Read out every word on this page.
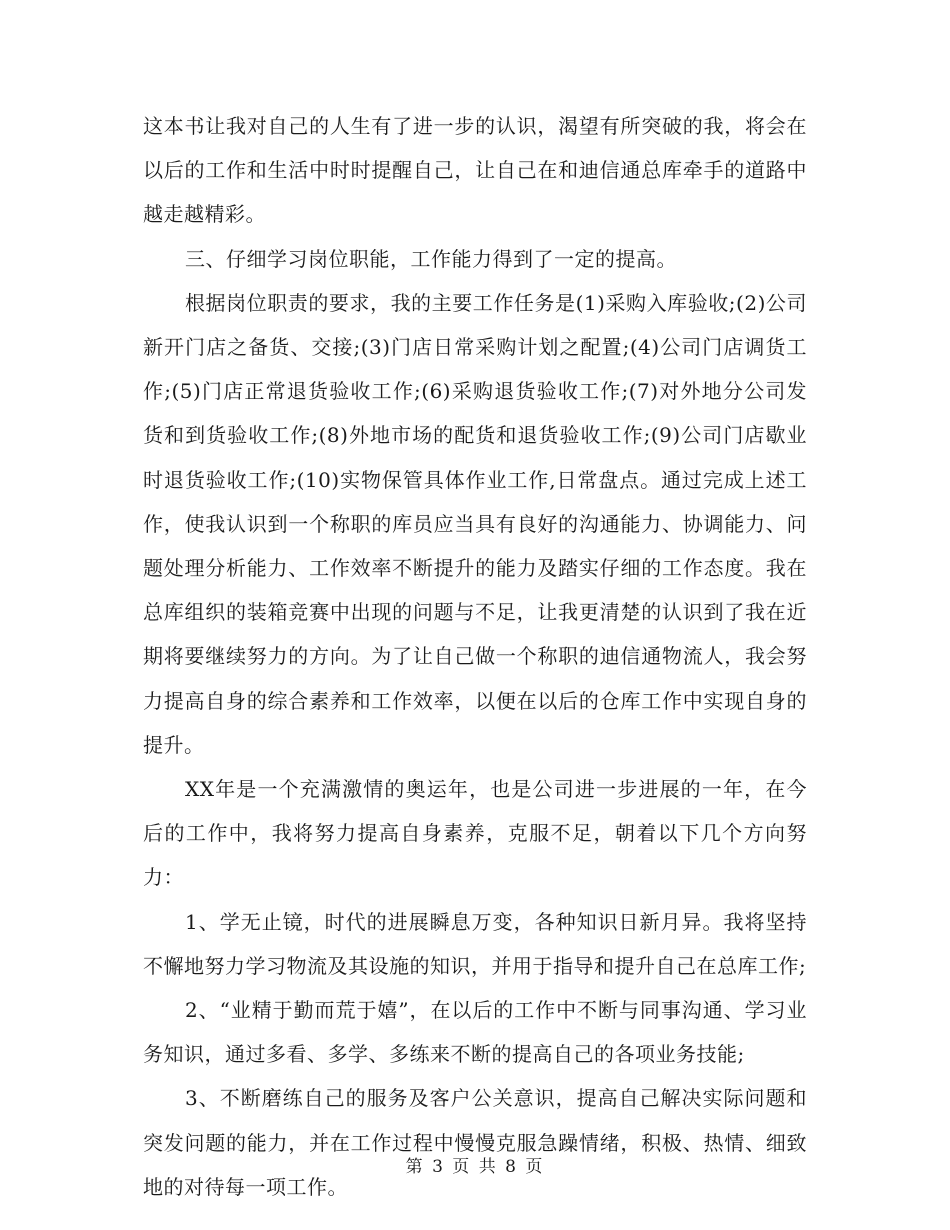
这本书让我对自己的人生有了进一步的认识，渴望有所突破的我，将会在以后的工作和生活中时时提醒自己，让自己在和迪信通总库牵手的道路中越走越精彩。

三、仔细学习岗位职能，工作能力得到了一定的提高。

根据岗位职责的要求，我的主要工作任务是(1)采购入库验收;(2)公司新开门店之备货、交接;(3)门店日常采购计划之配置;(4)公司门店调货工作;(5)门店正常退货验收工作;(6)采购退货验收工作;(7)对外地分公司发货和到货验收工作;(8)外地市场的配货和退货验收工作;(9)公司门店歇业时退货验收工作;(10)实物保管具体作业工作,日常盘点。通过完成上述工作，使我认识到一个称职的库员应当具有良好的沟通能力、协调能力、问题处理分析能力、工作效率不断提升的能力及踏实仔细的工作态度。我在总库组织的装箱竞赛中出现的问题与不足，让我更清楚的认识到了我在近期将要继续努力的方向。为了让自己做一个称职的迪信通物流人，我会努力提高自身的综合素养和工作效率，以便在以后的仓库工作中实现自身的提升。

XX年是一个充满激情的奥运年，也是公司进一步进展的一年，在今后的工作中，我将努力提高自身素养，克服不足，朝着以下几个方向努力：

1、学无止镜，时代的进展瞬息万变，各种知识日新月异。我将坚持不懈地努力学习物流及其设施的知识，并用于指导和提升自己在总库工作;

2、“业精于勤而荒于嬉”，在以后的工作中不断与同事沟通、学习业务知识，通过多看、多学、多练来不断的提高自己的各项业务技能;

3、不断磨练自己的服务及客户公关意识，提高自己解决实际问题和突发问题的能力，并在工作过程中慢慢克服急躁情绪，积极、热情、细致地的对待每一项工作。

第 3 页 共 8 页
